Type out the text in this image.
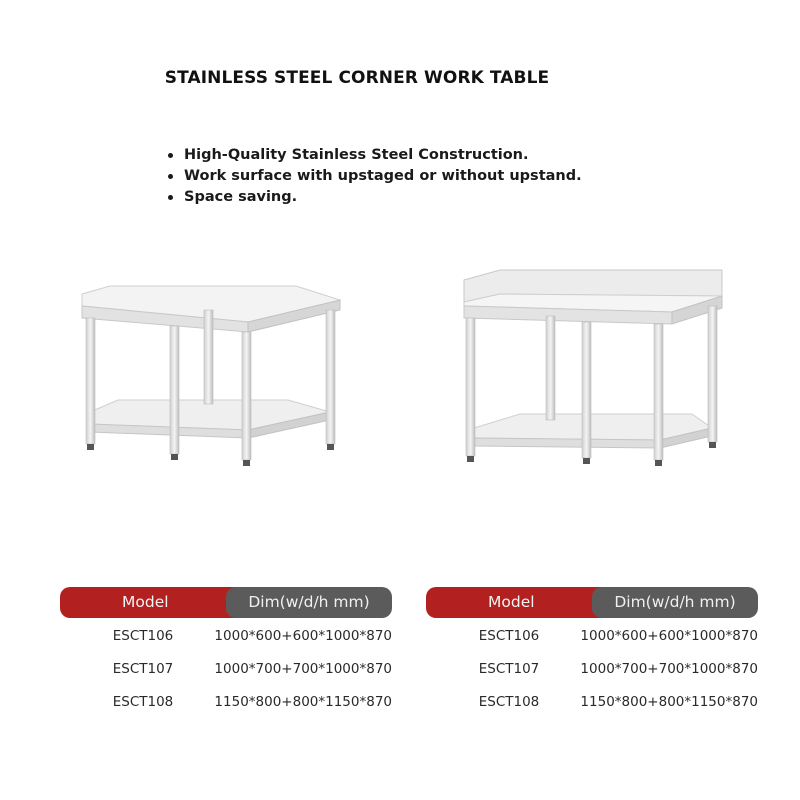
STAINLESS STEEL CORNER WORK TABLE
High-Quality Stainless Steel Construction.
Work surface with upstaged or without upstand.
Space saving.
Model	Dim(w/d/h mm)
ESCT106	1000*600+600*1000*870
ESCT107	1000*700+700*1000*870
ESCT108	1150*800+800*1150*870
Model	Dim(w/d/h mm)
ESCT106	1000*600+600*1000*870
ESCT107	1000*700+700*1000*870
ESCT108	1150*800+800*1150*870
